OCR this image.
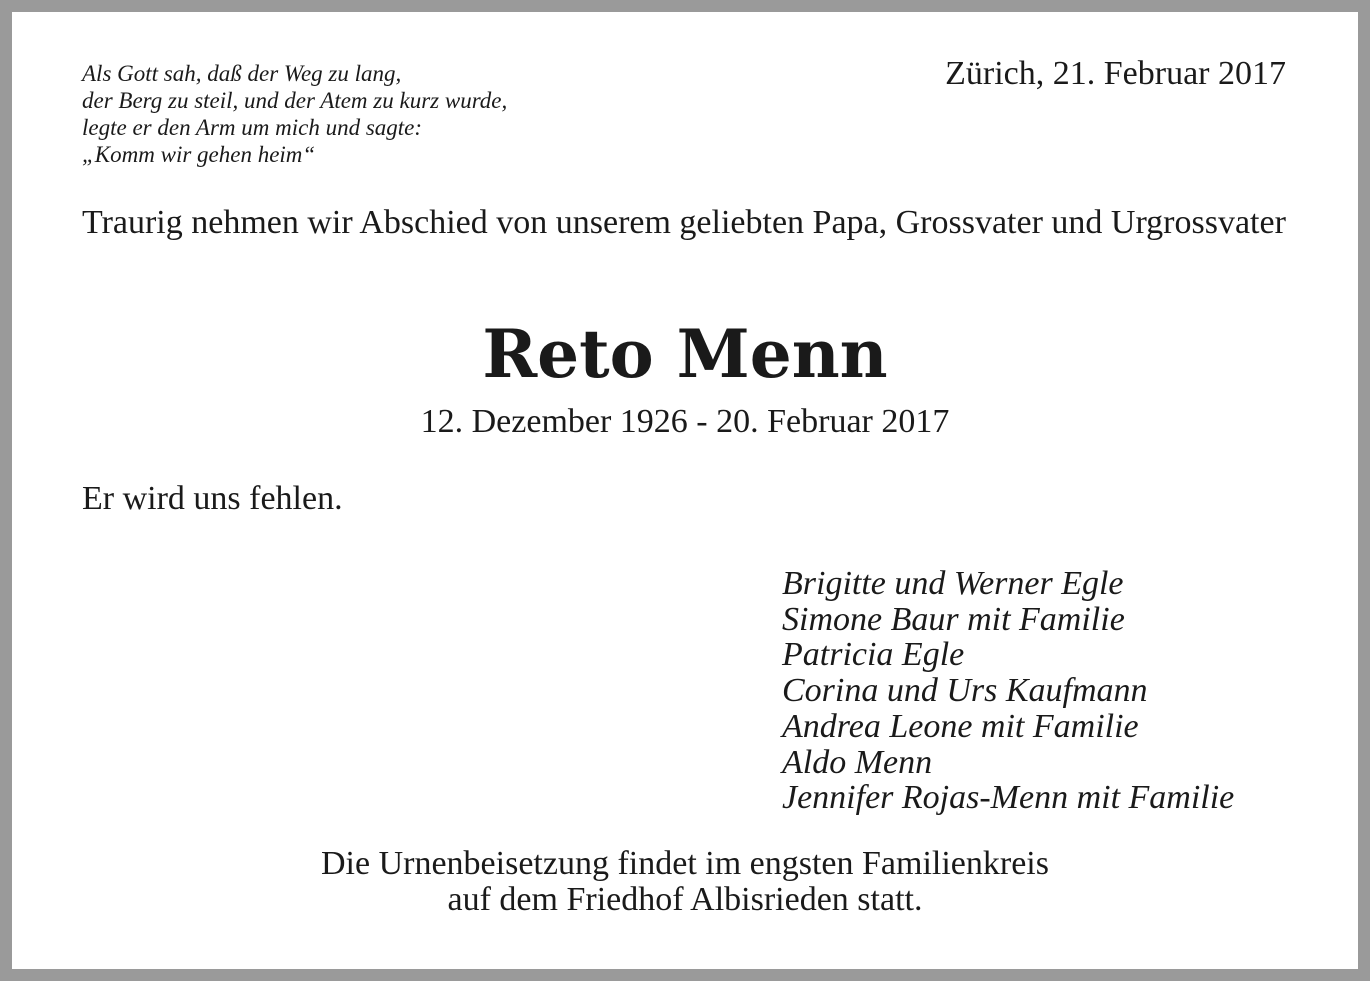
Als Gott sah, daß der Weg zu lang,
der Berg zu steil, und der Atem zu kurz wurde,
legte er den Arm um mich und sagte:
„Komm wir gehen heim“
Zürich, 21. Februar 2017
Traurig nehmen wir Abschied von unserem geliebten Papa, Grossvater und Urgrossvater
Reto Menn
12. Dezember 1926 - 20. Februar 2017
Er wird uns fehlen.
Brigitte und Werner Egle
Simone Baur mit Familie
Patricia Egle
Corina und Urs Kaufmann
Andrea Leone mit Familie
Aldo Menn
Jennifer Rojas-Menn mit Familie
Die Urnenbeisetzung findet im engsten Familienkreis
auf dem Friedhof Albisrieden statt.
